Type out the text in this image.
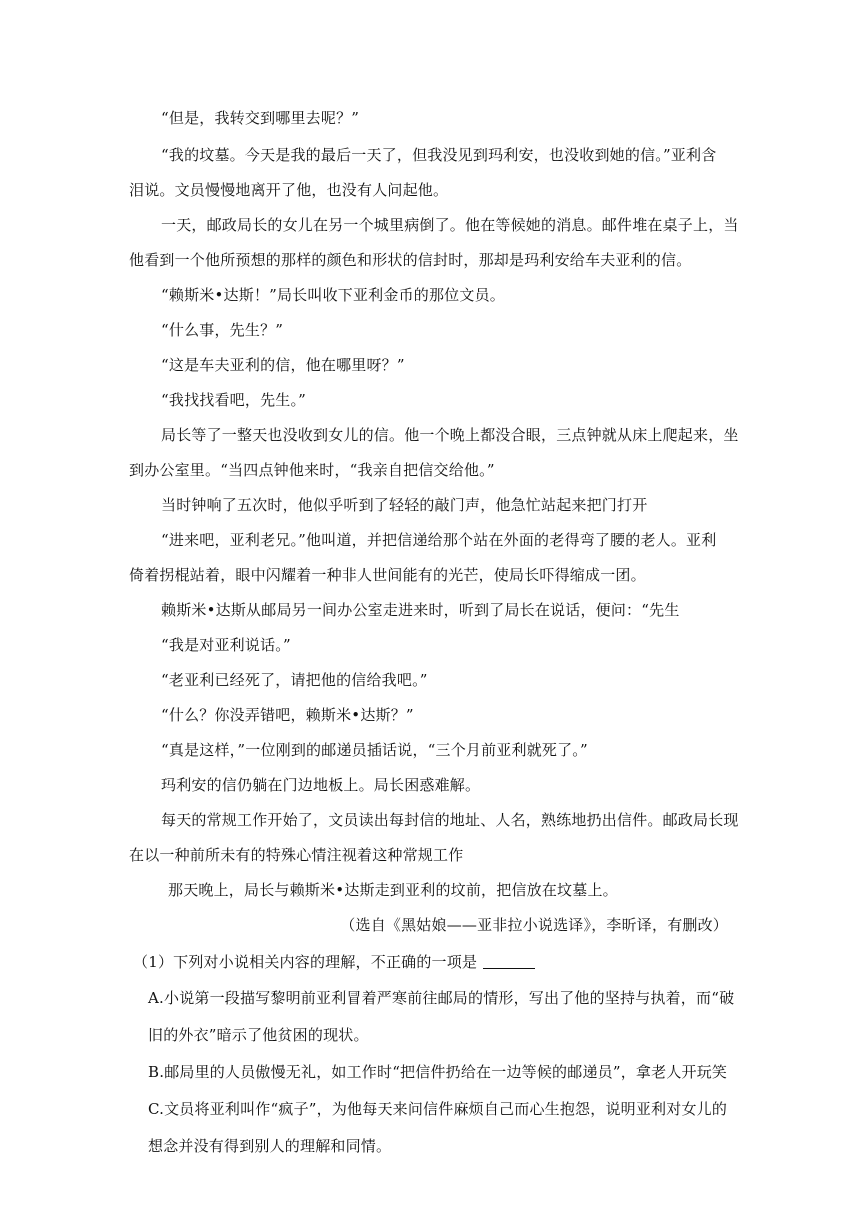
“但是，我转交到哪里去呢？”
“我的坟墓。今天是我的最后一天了，但我没见到玛利安，也没收到她的信。”亚利含
泪说。文员慢慢地离开了他，也没有人问起他。
一天，邮政局长的女儿在另一个城里病倒了。他在等候她的消息。邮件堆在桌子上，当
他看到一个他所预想的那样的颜色和形状的信封时，那却是玛利安给车夫亚利的信。
“赖斯米•达斯！”局长叫收下亚利金币的那位文员。
“什么事，先生？”
“这是车夫亚利的信，他在哪里呀？”
“我找找看吧，先生。”
局长等了一整天也没收到女儿的信。他一个晚上都没合眼，三点钟就从床上爬起来，坐
到办公室里。“当四点钟他来时，“我亲自把信交给他。”
当时钟响了五次时，他似乎听到了轻轻的敲门声，他急忙站起来把门打开
“进来吧，亚利老兄。”他叫道，并把信递给那个站在外面的老得弯了腰的老人。亚利
倚着拐棍站着，眼中闪耀着一种非人世间能有的光芒，使局长吓得缩成一团。
赖斯米•达斯从邮局另一间办公室走进来时，听到了局长在说话，便问：“先生
“我是对亚利说话。”
“老亚利已经死了，请把他的信给我吧。”
“什么？你没弄错吧，赖斯米•达斯？”
“真是这样，”一位刚到的邮递员插话说，“三个月前亚利就死了。”
玛利安的信仍躺在门边地板上。局长困惑难解。
每天的常规工作开始了，文员读出每封信的地址、人名，熟练地扔出信件。邮政局长现
在以一种前所未有的特殊心情注视着这种常规工作
那天晚上，局长与赖斯米•达斯走到亚利的坟前，把信放在坟墓上。
（选自《黑姑娘——亚非拉小说选译》，李昕译，有删改）
（1）下列对小说相关内容的理解，不正确的一项是
A.小说第一段描写黎明前亚利冒着严寒前往邮局的情形，写出了他的坚持与执着，而“破
旧的外衣”暗示了他贫困的现状。
B.邮局里的人员傲慢无礼，如工作时“把信件扔给在一边等候的邮递员”，拿老人开玩笑
C.文员将亚利叫作“疯子”，为他每天来问信件麻烦自己而心生抱怨，说明亚利对女儿的
想念并没有得到别人的理解和同情。
